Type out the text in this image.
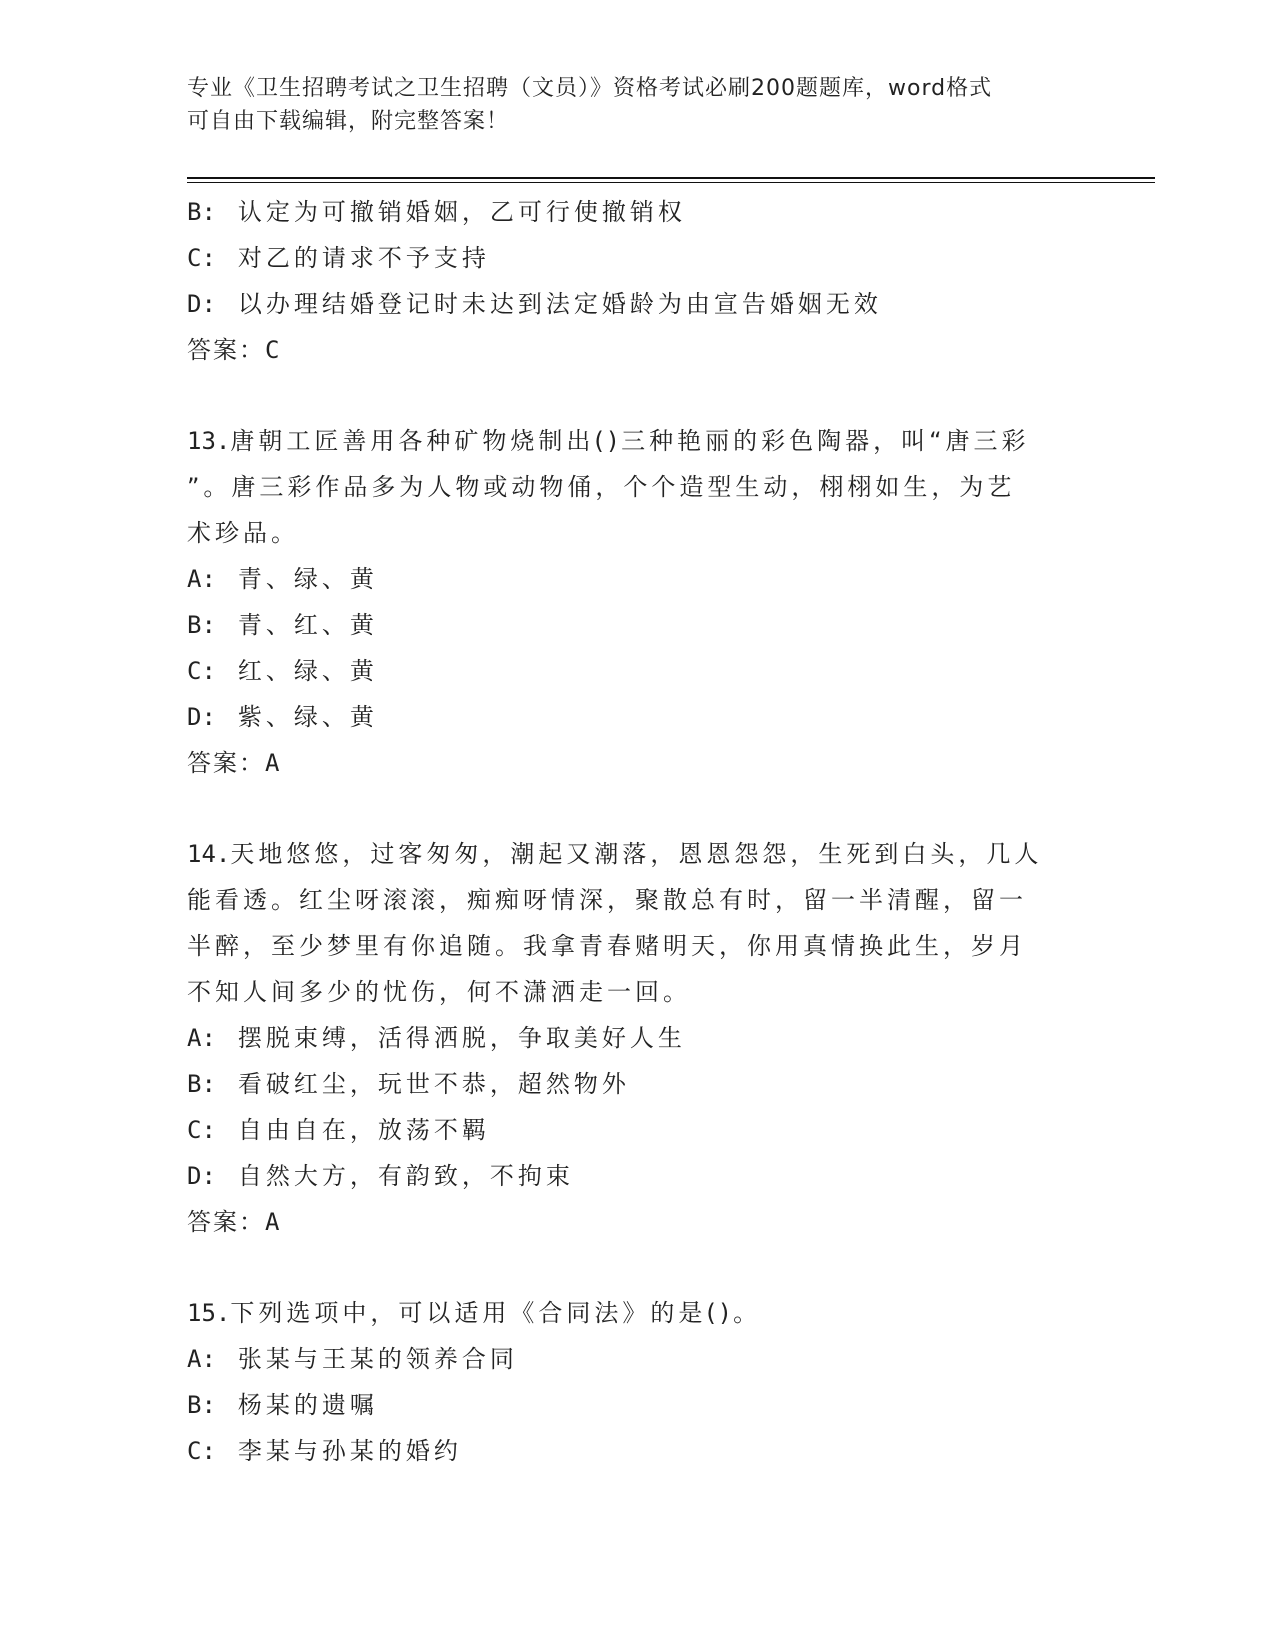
专业《卫生招聘考试之卫生招聘（文员）》资格考试必刷200题题库，word格式
可自由下载编辑，附完整答案！
B: 认定为可撤销婚姻，乙可行使撤销权
C: 对乙的请求不予支持
D: 以办理结婚登记时未达到法定婚龄为由宣告婚姻无效
答案：C
13.唐朝工匠善用各种矿物烧制出()三种艳丽的彩色陶器，叫“唐三彩
”。唐三彩作品多为人物或动物俑，个个造型生动，栩栩如生，为艺
术珍品。
A: 青、绿、黄
B: 青、红、黄
C: 红、绿、黄
D: 紫、绿、黄
答案：A
14.天地悠悠，过客匆匆，潮起又潮落，恩恩怨怨，生死到白头，几人
能看透。红尘呀滚滚，痴痴呀情深，聚散总有时，留一半清醒，留一
半醉，至少梦里有你追随。我拿青春赌明天，你用真情换此生，岁月
不知人间多少的忧伤，何不潇洒走一回。
A: 摆脱束缚，活得洒脱，争取美好人生
B: 看破红尘，玩世不恭，超然物外
C: 自由自在，放荡不羁
D: 自然大方，有韵致，不拘束
答案：A
15.下列选项中，可以适用《合同法》的是()。
A: 张某与王某的领养合同
B: 杨某的遗嘱
C: 李某与孙某的婚约
